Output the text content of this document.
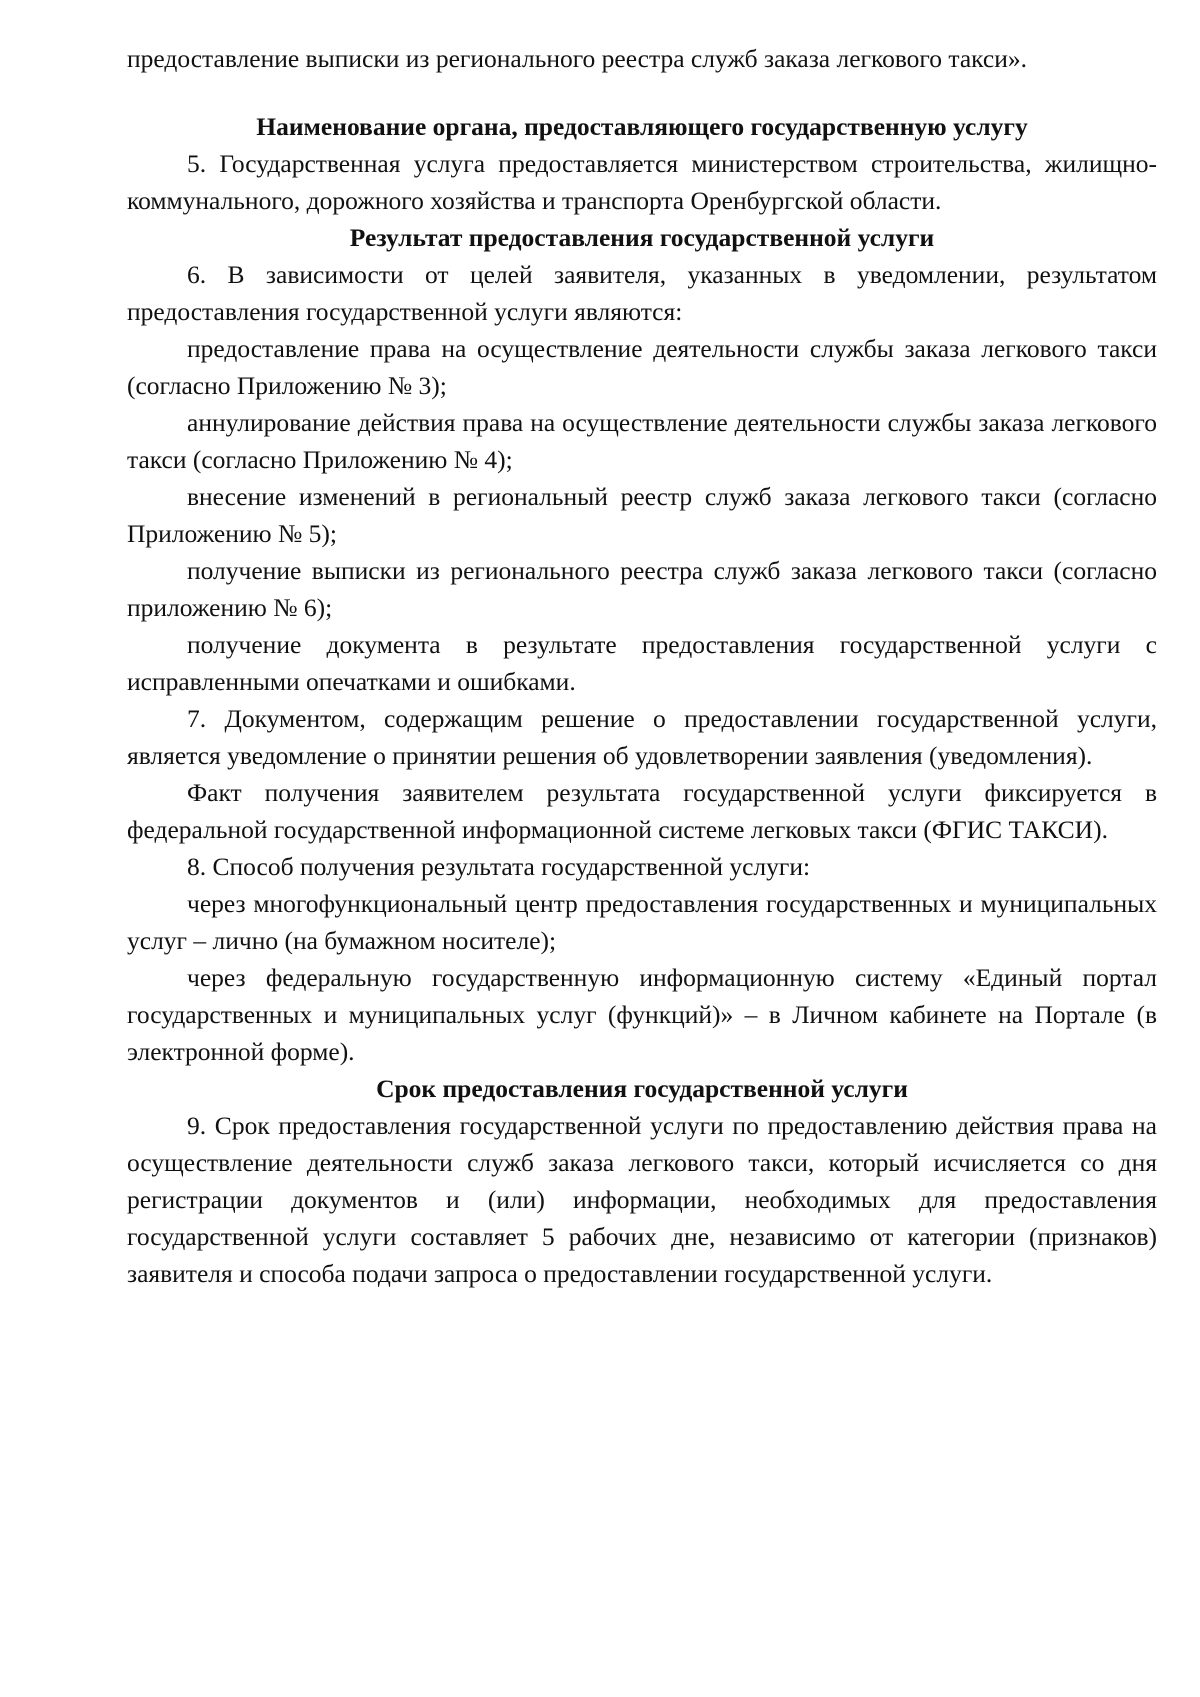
предоставление выписки из регионального реестра служб заказа легкового такси».

Наименование органа, предоставляющего государственную услугу

5. Государственная услуга предоставляется министерством строительства, жилищно-коммунального, дорожного хозяйства и транспорта Оренбургской области.

Результат предоставления государственной услуги

6. В зависимости от целей заявителя, указанных в уведомлении, результатом предоставления государственной услуги являются:

предоставление права на осуществление деятельности службы заказа легкового такси (согласно Приложению № 3);

аннулирование действия права на осуществление деятельности службы заказа легкового такси (согласно Приложению № 4);

внесение изменений в региональный реестр служб заказа легкового такси (согласно Приложению № 5);

получение выписки из регионального реестра служб заказа легкового такси (согласно приложению № 6);

получение документа в результате предоставления государственной услуги с исправленными опечатками и ошибками.

7. Документом, содержащим решение о предоставлении государственной услуги, является уведомление о принятии решения об удовлетворении заявления (уведомления).

Факт получения заявителем результата государственной услуги фиксируется в федеральной государственной информационной системе легковых такси (ФГИС ТАКСИ).

8. Способ получения результата государственной услуги:

через многофункциональный центр предоставления государственных и муниципальных услуг – лично (на бумажном носителе);

через федеральную государственную информационную систему «Единый портал государственных и муниципальных услуг (функций)» – в Личном кабинете на Портале (в электронной форме).

Срок предоставления государственной услуги

9. Срок предоставления государственной услуги по предоставлению действия права на осуществление деятельности служб заказа легкового такси, который исчисляется со дня регистрации документов и (или) информации, необходимых для предоставления государственной услуги составляет 5 рабочих дне, независимо от категории (признаков) заявителя и способа подачи запроса о предоставлении государственной услуги.
